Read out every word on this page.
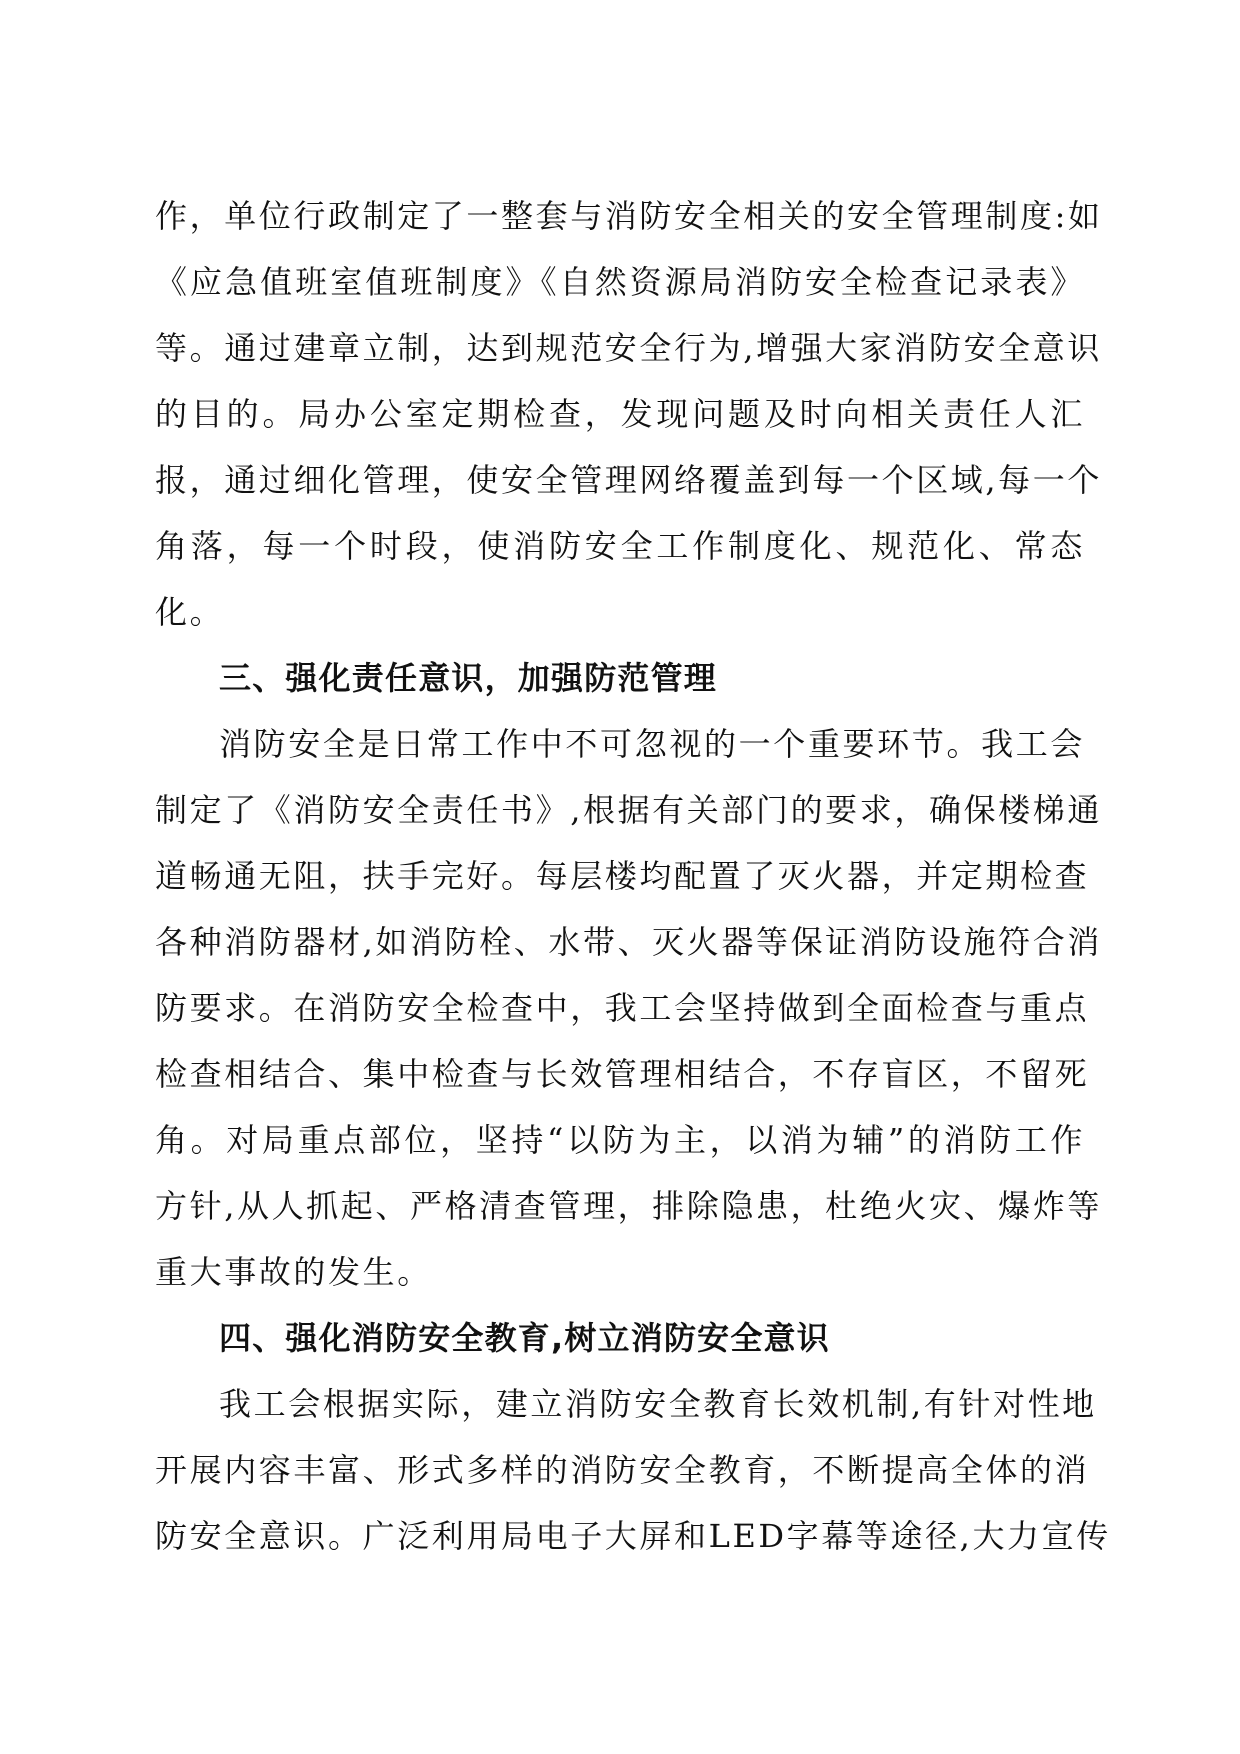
作，单位行政制定了一整套与消防安全相关的安全管理制度:如
《应急值班室值班制度》《自然资源局消防安全检查记录表》
等。通过建章立制，达到规范安全行为,增强大家消防安全意识
的目的。局办公室定期检查，发现问题及时向相关责任人汇
报，通过细化管理，使安全管理网络覆盖到每一个区域,每一个
角落，每一个时段，使消防安全工作制度化、规范化、常态
化。
三、强化责任意识，加强防范管理
消防安全是日常工作中不可忽视的一个重要环节。我工会
制定了《消防安全责任书》,根据有关部门的要求，确保楼梯通
道畅通无阻，扶手完好。每层楼均配置了灭火器，并定期检查
各种消防器材,如消防栓、水带、灭火器等保证消防设施符合消
防要求。在消防安全检查中，我工会坚持做到全面检查与重点
检查相结合、集中检查与长效管理相结合，不存盲区，不留死
角。对局重点部位，坚持“以防为主，以消为辅”的消防工作
方针,从人抓起、严格清查管理，排除隐患，杜绝火灾、爆炸等
重大事故的发生。
四、强化消防安全教育,树立消防安全意识
我工会根据实际，建立消防安全教育长效机制,有针对性地
开展内容丰富、形式多样的消防安全教育，不断提高全体的消
防安全意识。广泛利用局电子大屏和LED字幕等途径,大力宣传
